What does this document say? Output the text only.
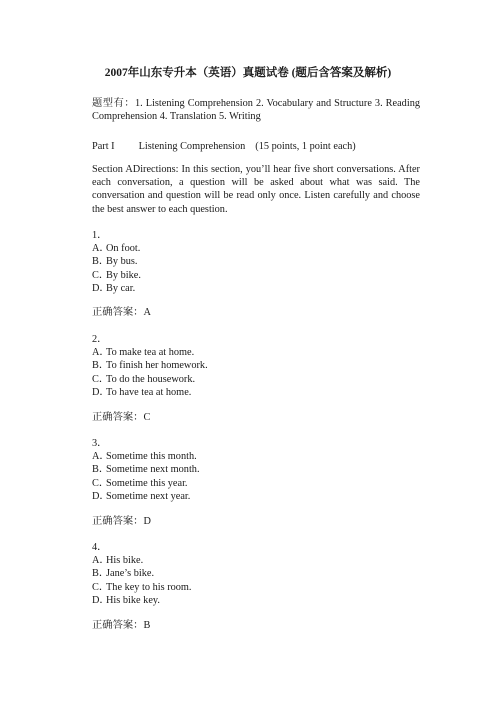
2007年山东专升本（英语）真题试卷 (题后含答案及解析)
题型有：1. Listening Comprehension 2. Vocabulary and Structure 3. Reading Comprehension 4. Translation 5. Writing
Part I Listening Comprehension (15 points, 1 point each)
Section ADirections: In this section, you’ll hear five short conversations. After each conversation, a question will be asked about what was said. The conversation and question will be read only once. Listen carefully and choose the best answer to each question.
1．
A．On foot.
B．By bus.
C．By bike.
D．By car.
正确答案：A
2．
A．To make tea at home.
B．To finish her homework.
C．To do the housework.
D．To have tea at home.
正确答案：C
3．
A．Sometime this month.
B．Sometime next month.
C．Sometime this year.
D．Sometime next year.
正确答案：D
4．
A．His bike.
B．Jane’s bike.
C．The key to his room.
D．His bike key.
正确答案：B
